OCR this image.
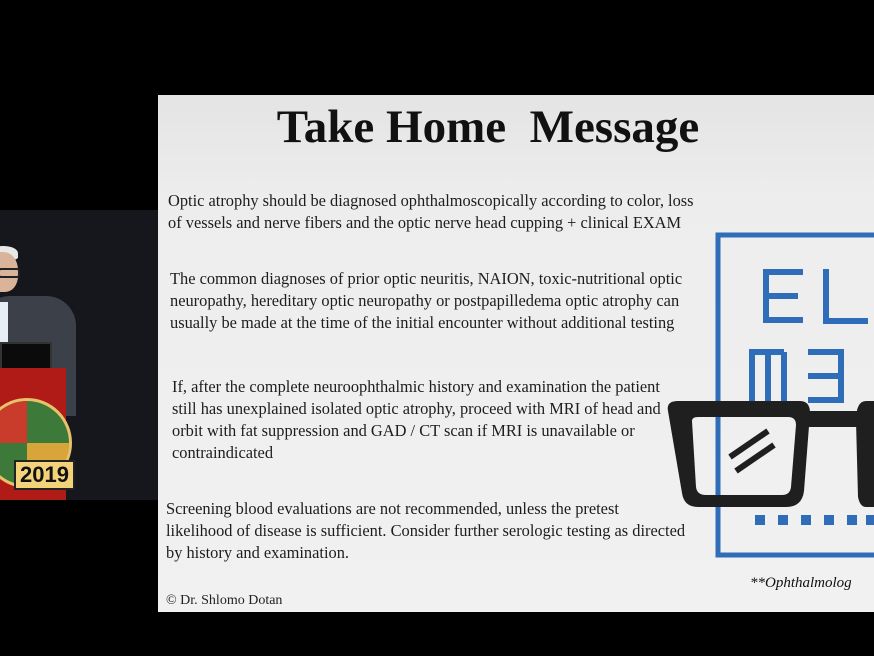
2019
Take Home  Message

Optic atrophy should be diagnosed ophthalmoscopically according to color, loss of vessels and nerve fibers and the optic nerve head cupping + clinical EXAM

The common diagnoses of prior optic neuritis, NAION, toxic-nutritional optic neuropathy, hereditary optic neuropathy or postpapilledema optic atrophy can usually be made at the time of the initial encounter without additional testing

If, after the complete neuroophthalmic history and examination the patient still has unexplained isolated optic atrophy, proceed with MRI of head and orbit with fat suppression and GAD / CT scan if MRI is unavailable or contraindicated

Screening blood evaluations are not recommended, unless the pretest likelihood of disease is sufficient. Consider further serologic testing as directed by history and examination.

**Ophthalmolog
© Dr. Shlomo Dotan
